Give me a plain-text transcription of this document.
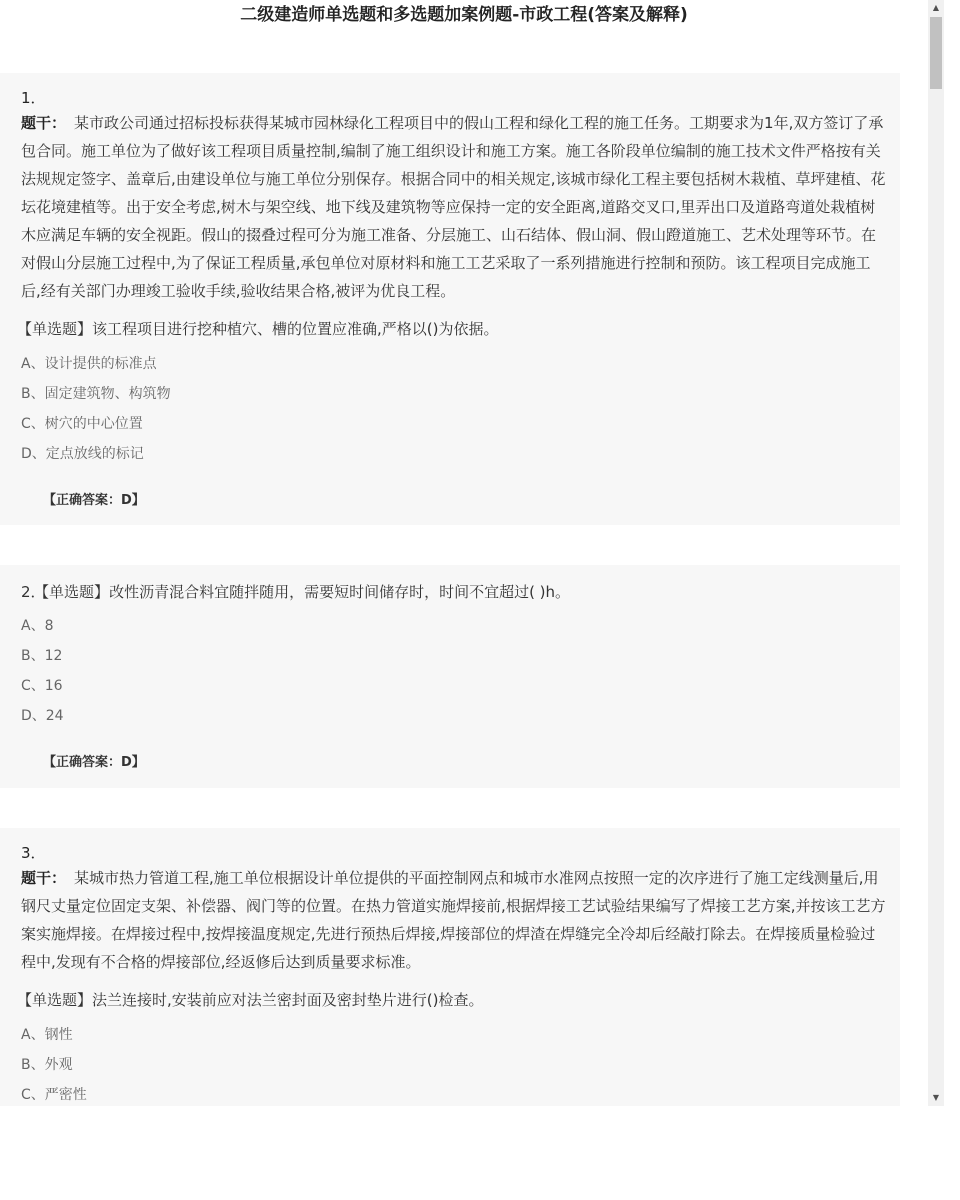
二级建造师单选题和多选题加案例题-市政工程(答案及解释)
1．

题干： 某市政公司通过招标投标获得某城市园林绿化工程项目中的假山工程和绿化工程的施工任务。工期要求为1年,双方签订了承包合同。施工单位为了做好该工程项目质量控制,编制了施工组织设计和施工方案。施工各阶段单位编制的施工技术文件严格按有关法规规定签字、盖章后,由建设单位与施工单位分别保存。根据合同中的相关规定,该城市绿化工程主要包括树木栽植、草坪建植、花坛花境建植等。出于安全考虑,树木与架空线、地下线及建筑物等应保持一定的安全距离,道路交叉口,里弄出口及道路弯道处栽植树木应满足车辆的安全视距。假山的掇叠过程可分为施工准备、分层施工、山石结体、假山洞、假山蹬道施工、艺术处理等环节。在对假山分层施工过程中,为了保证工程质量,承包单位对原材料和施工工艺采取了一系列措施进行控制和预防。该工程项目完成施工后,经有关部门办理竣工验收手续,验收结果合格,被评为优良工程。

【单选题】该工程项目进行挖种植穴、槽的位置应准确,严格以()为依据。
A、设计提供的标准点
B、固定建筑物、构筑物
C、树穴的中心位置
D、定点放线的标记
【正确答案：D】
2．【单选题】改性沥青混合料宜随拌随用，需要短时间储存时，时间不宜超过( )h。
A、8
B、12
C、16
D、24
【正确答案：D】
3．

题干： 某城市热力管道工程,施工单位根据设计单位提供的平面控制网点和城市水准网点按照一定的次序进行了施工定线测量后,用钢尺丈量定位固定支架、补偿器、阀门等的位置。在热力管道实施焊接前,根据焊接工艺试验结果编写了焊接工艺方案,并按该工艺方案实施焊接。在焊接过程中,按焊接温度规定,先进行预热后焊接,焊接部位的焊渣在焊缝完全冷却后经敲打除去。在焊接质量检验过程中,发现有不合格的焊接部位,经返修后达到质量要求标准。

【单选题】法兰连接时,安装前应对法兰密封面及密封垫片进行()检查。
A、钢性
B、外观
C、严密性
▲
▼
